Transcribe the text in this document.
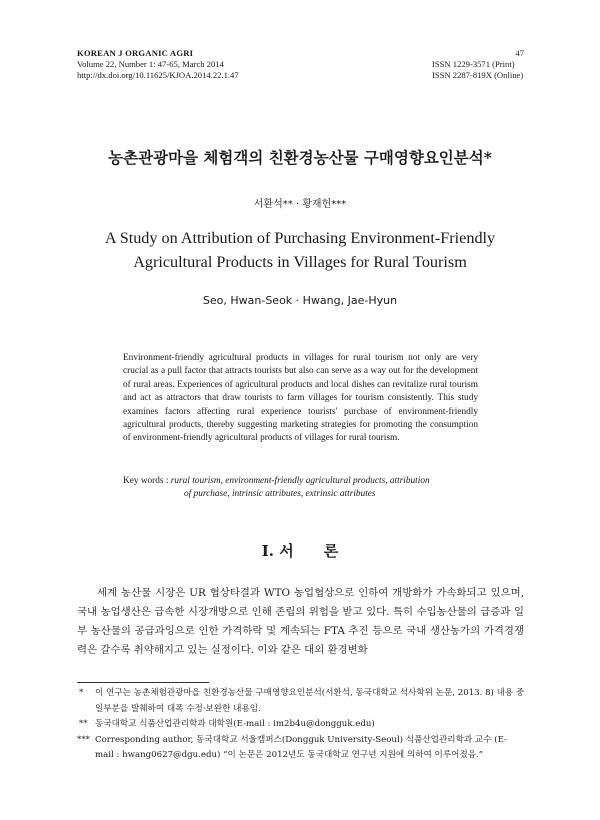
KOREAN J ORGANIC AGRI
Volume 22, Number 1: 47-65, March 2014
http://dx.doi.org/10.11625/KJOA.2014.22.1.47
47
ISSN 1229-3571 (Print)
ISSN 2287-819X (Online)
농촌관광마을 체험객의 친환경농산물 구매영향요인분석*
서환석** · 황재헌***
A Study on Attribution of Purchasing Environment-Friendly
Agricultural Products in Villages for Rural Tourism
Seo, Hwan-Seok · Hwang, Jae-Hyun
Environment-friendly agricultural products in villages for rural tourism not only are very crucial as a pull factor that attracts tourists but also can serve as a way out for the development of rural areas. Experiences of agricultural products and local dishes can revitalize rural tourism and act as attractors that draw tourists to farm villages for tourism consistently. This study examines factors affecting rural experience tourists' purchase of environment-friendly agricultural products, thereby suggesting marketing strategies for promoting the consumption of environment-friendly agricultural products of villages for rural tourism.
Key words : rural tourism, environment-friendly agricultural products, attribution
of purchase, intrinsic attributes, extrinsic attributes
Ⅰ. 서　　론

세계 농산물 시장은 UR 협상타결과 WTO 농업협상으로 인하여 개방화가 가속화되고 있으며, 국내 농업생산은 급속한 시장개방으로 인해 존립의 위험을 받고 있다. 특히 수입농산물의 급증과 일부 농산물의 공급과잉으로 인한 가격하락 및 계속되는 FTA 추진 등으로 국내 생산농가의 가격경쟁력은 갈수록 취약해지고 있는 실정이다. 이와 같은 대외 환경변화

* 이 연구는 농촌체험관광마을 친환경농산물 구매영향요인분석(서환석, 동국대학교 석사학위 논문, 2013. 8) 내용 중 일부분을 발췌하여 대폭 수정·보완한 내용임.
** 동국대학교 식품산업관리학과 대학원(E-mail : im2b4u@dongguk.edu)
*** Corresponding author, 동국대학교 서울캠퍼스(Dongguk University-Seoul) 식품산업관리학과 교수 (E-mail : hwang0627@dgu.edu) “이 논문은 2012년도 동국대학교 연구년 지원에 의하여 이루어졌음.”
